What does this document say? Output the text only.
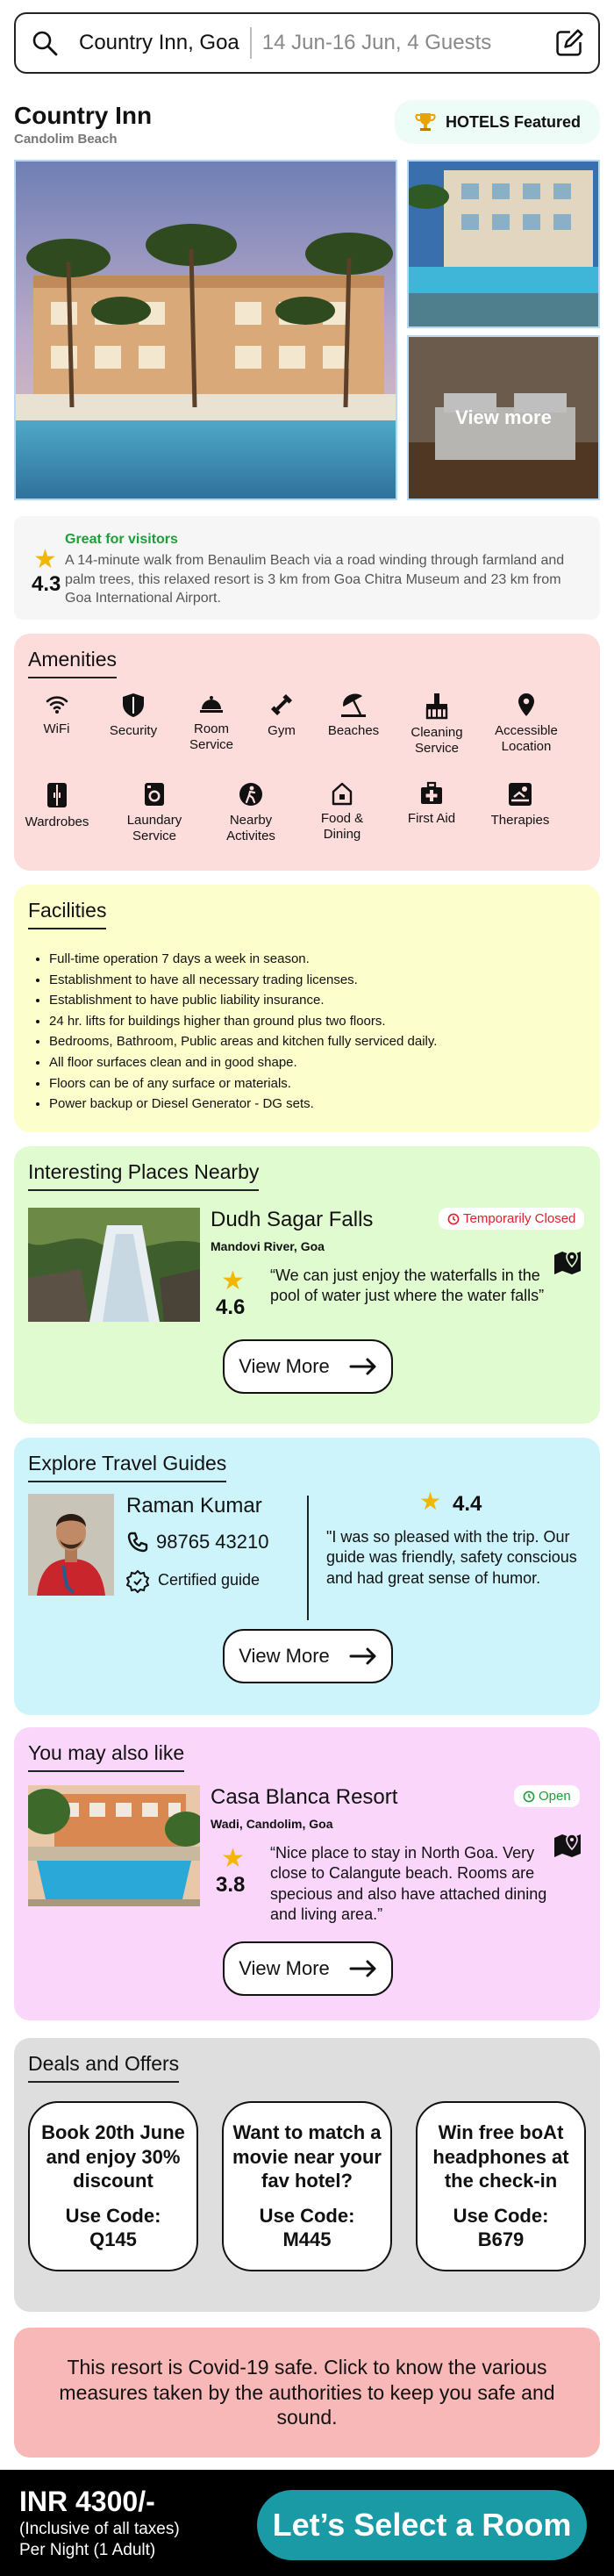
Country Inn, Goa 14 Jun-16 Jun, 4 Guests
Country Inn
Candolim Beach
HOTELS Featured
View more
★
4.3
Great for visitors
A 14-minute walk from Benaulim Beach via a road winding through farmland and palm trees, this relaxed resort is 3 km from Goa Chitra Museum and 23 km from Goa International Airport.
Amenities
WiFi	Security	Room Service
Gym Beaches	Cleaning Service
Accessible Location
Wardrobes	Laundary Service
Nearby Activites
Food & Dining
First Aid	Therapies
Facilities
• Full-time operation 7 days a week in season.
• Establishment to have all necessary trading licenses.
• Establishment to have public liability insurance.
• 24 hr. lifts for buildings higher than ground plus two floors.
• Bedrooms, Bathroom, Public areas and kitchen fully serviced daily.
• All floor surfaces clean and in good shape.
• Floors can be of any surface or materials.
• Power backup or Diesel Generator - DG sets.
Interesting Places Nearby
Dudh Sagar Falls
Mandovi River, Goa
Temporarily Closed
★
4.6
“We can just enjoy the waterfalls in the pool of water just where the water falls”
View More
Explore Travel Guides
Raman Kumar
98765 43210
Certified guide
★ 4.4
"I was so pleased with the trip. Our guide was friendly, safety conscious and had great sense of humor.
View More
You may also like
Casa Blanca Resort
Wadi, Candolim, Goa
Open
★
3.8
“Nice place to stay in North Goa. Very close to Calangute beach. Rooms are specious and also have attached dining and living area.”
View More
Deals and Offers
Book 20th June and enjoy 30% discount
Use Code:
Q145
Want to match a movie near your fav hotel?
Use Code:
M445
Win free boAt headphones at the check-in
Use Code:
B679
This resort is Covid-19 safe. Click to know the various measures taken by the authorities to keep you safe and sound.
INR 4300/-
(Inclusive of all taxes)
Per Night (1 Adult)
Let’s Select a Room
